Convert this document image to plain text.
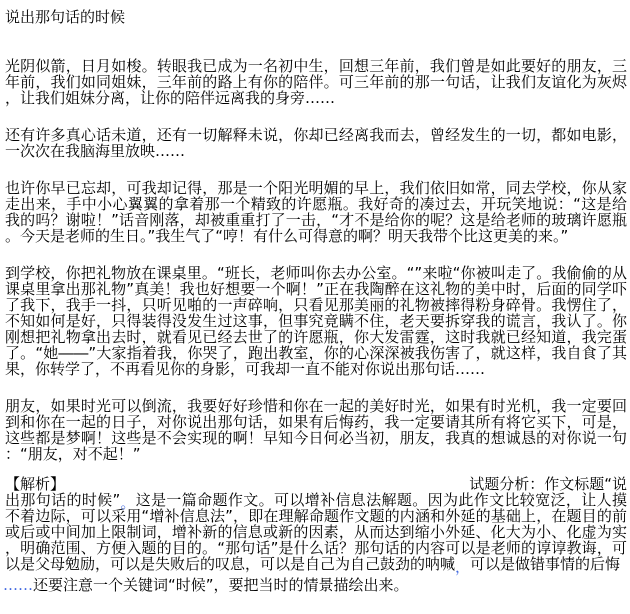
说出那句话的时候

光阴似箭，日月如梭。转眼我已成为一名初中生，回想三年前，我们曾是如此要好的朋友，三年前，我们如同姐妹，三年前的路上有你的陪伴。可三年前的那一句话，让我们友谊化为灰烬，让我们姐妹分离，让你的陪伴远离我的身旁……

还有许多真心话未道，还有一切解释未说，你却已经离我而去，曾经发生的一切，都如电影，一次次在我脑海里放映……

也许你早已忘却，可我却记得，那是一个阳光明媚的早上，我们依旧如常，同去学校，你从家走出来，手中小心翼翼的拿着那一个精致的许愿瓶。我好奇的凑过去，开玩笑地说：“这是给我的吗？谢啦！”话音刚落，却被重重打了一击，“才不是给你的呢？这是给老师的玻璃许愿瓶。今天是老师的生日。”我生气了“哼！有什么可得意的啊？明天我带个比这更美的来。”

到学校，你把礼物放在课桌里。“班长，老师叫你去办公室。“”来啦“你被叫走了。我偷偷的从课桌里拿出那礼物”真美！我也好想要一个啊！”正在我陶醉在这礼物的美中时，后面的同学吓了我下，我手一抖，只听见啪的一声碎响，只看见那美丽的礼物被摔得粉身碎骨。我愣住了，不知如何是好，只得装得没发生过这事，但事究竟瞒不住，老天要拆穿我的谎言，我认了。你刚想把礼物拿出去时，就看见已经去世了的许愿瓶，你大发雷霆，这时我就已经知道，我完蛋了。“她――”大家指着我，你哭了，跑出教室，你的心深深被我伤害了，就这样，我自食了其果，你转学了，不再看见你的身影，可我却一直不能对你说出那句话……

朋友，如果时光可以倒流，我要好好珍惜和你在一起的美好时光，如果有时光机，我一定要回到和你在一起的日子，对你说出那句话，如果有后悔药，我一定要请其所有将它买下，可是，这些都是梦啊！这些是不会实现的啊！早知今日何必当初，朋友，我真的想诚恳的对你说一句：“朋友，对不起！”

【解析】	试题分析：作文标题“说

出那句话的时候”。这是一篇命题作文。可以增补信息法解题。因为此作文比较宽泛，让人摸不着边际，可以采用“增补信息法”，即在理解命题作文题的内涵和外延的基础上，在题目的前或后或中间加上限制词，增补新的信息或新的因素，从而达到缩小外延、化大为小、化虚为实，明确范围、方便入题的目的。“那句话”是什么话？那句话的内容可以是老师的谆谆教诲，可以是父母勉励，可以是失败后的叹息，可以是自己为自己鼓劲的呐喊，可以是做错事情的后悔

……还要注意一个关键词“时候”，要把当时的情景描绘出来。
